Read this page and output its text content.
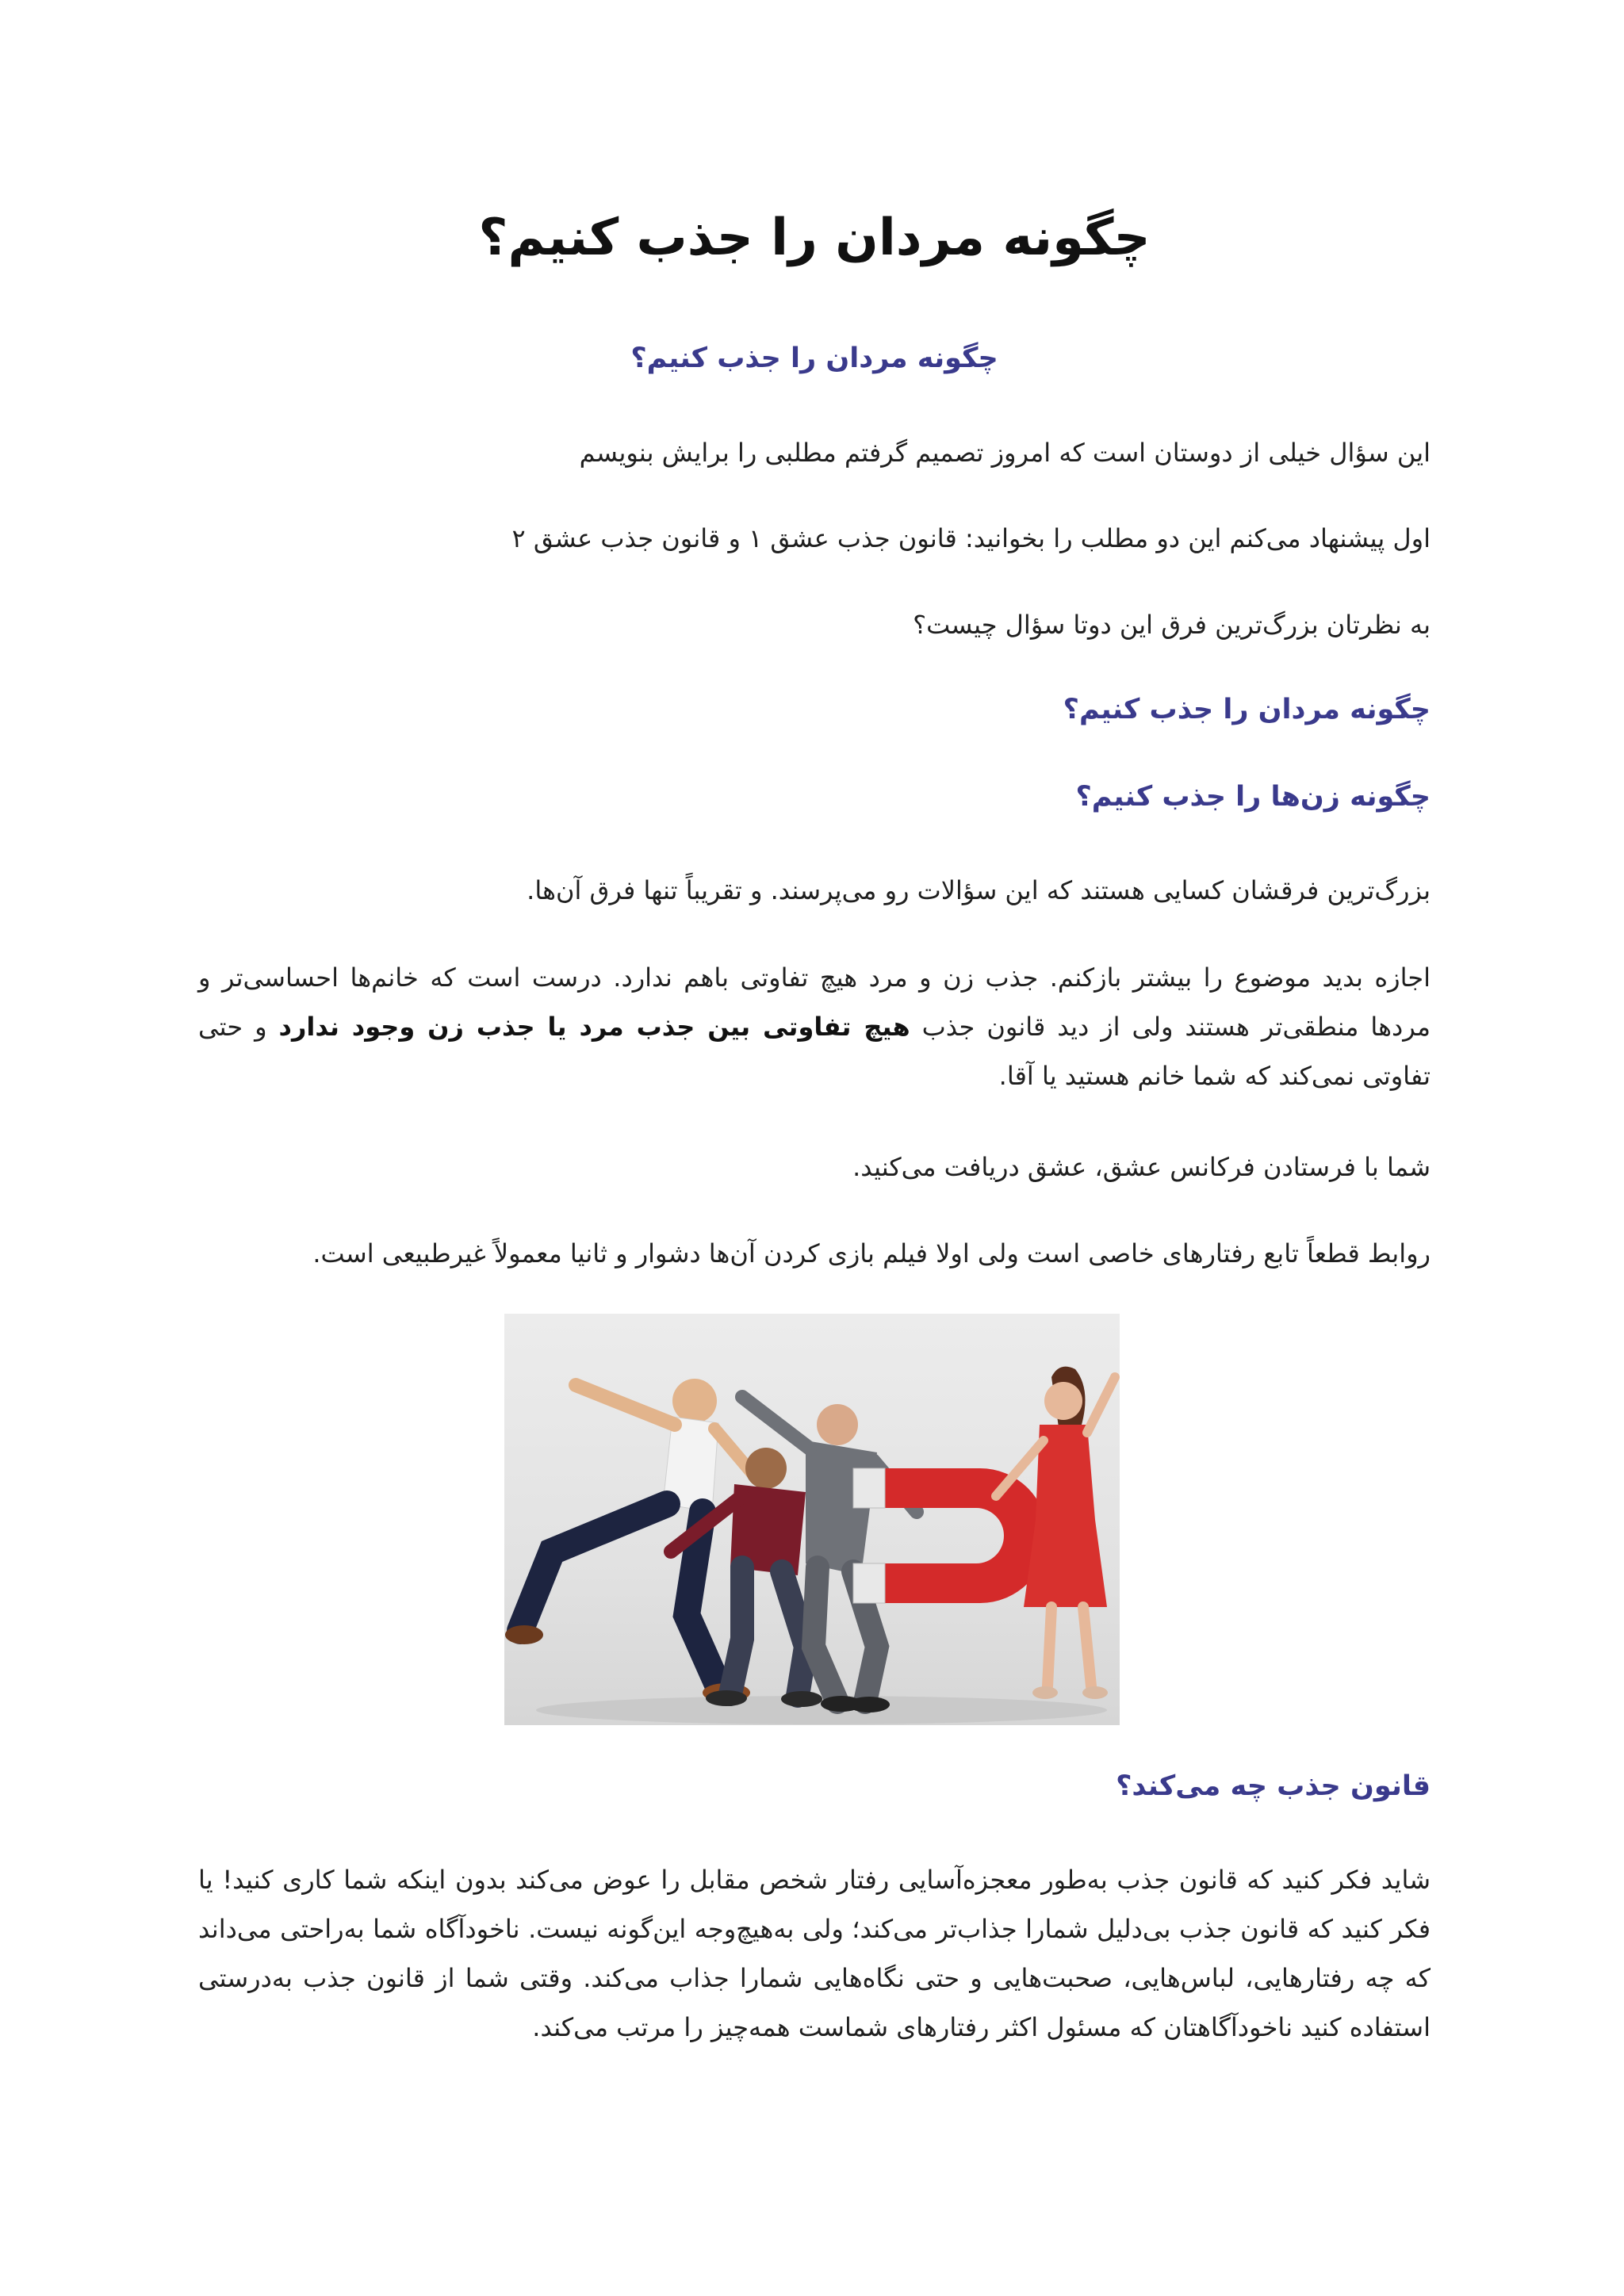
چگونه مردان را جذب کنیم؟
چگونه مردان را جذب کنیم؟

این سؤال خیلی از دوستان است که امروز تصمیم گرفتم مطلبی را برایش بنویسم

اول پیشنهاد می‌کنم این دو مطلب را بخوانید: قانون جذب عشق ۱ و قانون جذب عشق ۲

به نظرتان بزرگ‌ترین فرق این دوتا سؤال چیست؟

چگونه مردان را جذب کنیم؟
چگونه زن‌ها را جذب کنیم؟

بزرگ‌ترین فرقشان کسایی هستند که این سؤالات رو می‌پرسند. و تقریباً تنها فرق آن‌ها.

اجازه بدید موضوع را بیشتر بازکنم. جذب زن و مرد هیچ تفاوتی باهم ندارد. درست است که خانم‌ها احساسی‌تر و مردها منطقی‌تر هستند ولی از دید قانون جذب هیچ تفاوتی بین جذب مرد یا جذب زن وجود ندارد و حتی تفاوتی نمی‌کند که شما خانم هستید یا آقا.

شما با فرستادن فرکانس عشق، عشق دریافت می‌کنید.

روابط قطعاً تابع رفتارهای خاصی است ولی اولا فیلم بازی کردن آن‌ها دشوار و ثانیا معمولاً غیرطبیعی است.

قانون جذب چه می‌کند؟

شاید فکر کنید که قانون جذب به‌طور معجزه‌آسایی رفتار شخص مقابل را عوض می‌کند بدون اینکه شما کاری کنید! یا فکر کنید که قانون جذب بی‌دلیل شمارا جذاب‌تر می‌کند؛ ولی به‌هیچ‌وجه این‌گونه نیست. ناخودآگاه شما به‌راحتی می‌داند که چه رفتارهایی، لباس‌هایی، صحبت‌هایی و حتی نگاه‌هایی شمارا جذاب می‌کند. وقتی شما از قانون جذب به‌درستی استفاده کنید ناخودآگاهتان که مسئول اکثر رفتارهای شماست همه‌چیز را مرتب می‌کند.
